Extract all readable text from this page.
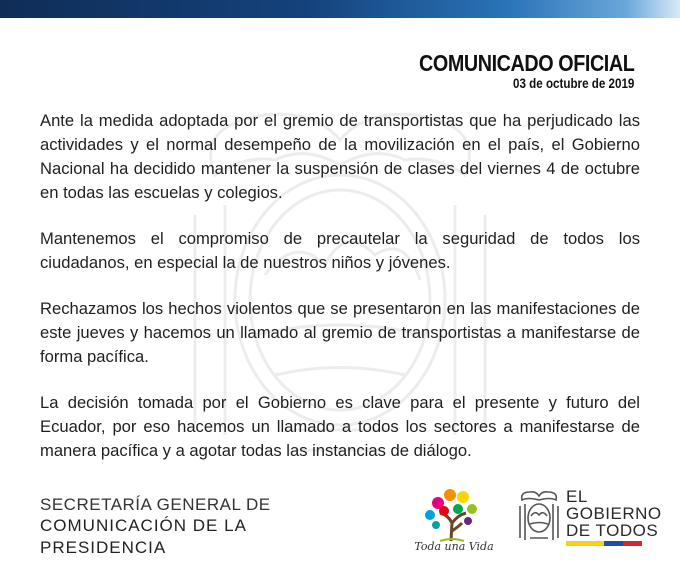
COMUNICADO OFICIAL
03 de octubre de 2019

Ante la medida adoptada por el gremio de transportistas que ha perjudicado las actividades y el normal desempeño de la movilización en el país, el Gobierno Nacional ha decidido mantener la suspensión de clases del viernes 4 de octubre en todas las escuelas y colegios.

Mantenemos el compromiso de precautelar la seguridad de todos los ciudadanos, en especial la de nuestros niños y jóvenes.

Rechazamos los hechos violentos que se presentaron en las manifestaciones de este jueves y hacemos un llamado al gremio de transportistas a manifestarse de forma pacífica.

La decisión tomada por el Gobierno es clave para el presente y futuro del Ecuador, por eso hacemos un llamado a todos los sectores a manifestarse de manera pacífica y a agotar todas las instancias de diálogo.

SECRETARÍA GENERAL DE
COMUNICACIÓN DE LA PRESIDENCIA	Toda una Vida
EL
GOBIERNO
DE TODOS
